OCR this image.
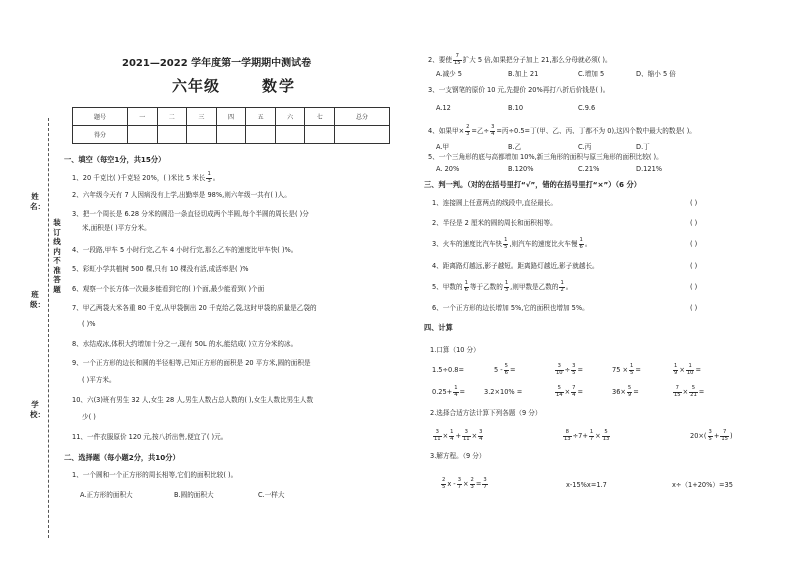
姓名：
装订线内不准答题
班级：
学校：
2021—2022 学年度第一学期期中测试卷
六年级	数学
题号	一	二	三	四	五	六	七	总分
得分								
一、填空（每空1分，共15分）
1、20 千克比( )千克轻 20%，( )米比 5 米长 $\frac{1}{3}$ 。
2、六年级今天有 7 人因病没有上学,出勤率是 98%,则六年级一共有( )人。
3、把一个周长是 6.28 分米的圆沿一条直径切成两个半圆,每个半圆的周长是( )分
米,面积是( )平方分米。
4、一段路,甲车 5 小时行完,乙车 4 小时行完,那么乙车的速度比甲车快( )%。
5、彩虹小学共植树 500 棵,只有 10 棵没有活,成活率是( )%
6、观察一个长方体一次最多能看到它的( )个面,最少能看到( )个面
7、甲乙两袋大米各重 80 千克,从甲袋倒出 20 千克给乙袋,这时甲袋的质量是乙袋的
( )%
8、水结成冰,体积大约增加十分之一,现有 50L 的水,能结成( )立方分米的冰。
9、一个正方形的边长和圆的半径相等,已知正方形的面积是 20 平方米,圆的面积是
( )平方米。
10、六(3)班有男生 32 人,女生 28 人,男生人数占总人数的( ),女生人数比男生人数
少( )
11、一件衣服原价 120 元,按八折出售,便宜了( )元。
二、选择题（每小题2分，共10分）
1、一个圆和一个正方形的周长相等,它们的面积比较( )。
A.正方形的面积大	B.圆的面积大	C.一样大
2、要使 $\frac{7}{15}$ 扩大 5 倍,如果把分子加上 21,那么分母就必须( )。
A.减少 5	B.加上 21	C.增加 5	D、缩小 5 倍
3、一支钢笔的原价 10 元,先提价 20%再打八折后价钱是( )。
A.12	B.10	C.9.6
4、如果甲× $\frac{2}{3}$ =乙÷ $\frac{3}{4}$ =丙÷0.5=丁(甲、乙、丙、丁都不为 0),这四个数中最大的数是( )。
A.甲	B.乙	C.丙	D.丁
5、一个三角形的底与高都增加 10%,新三角形的面积与原三角形的面积比较( )。
A. 20%	B.120%	C.21%	D.121%
三、判一判。（对的在括号里打“√”，错的在括号里打“×”）（6 分）
1、连接圆上任意两点的线段中,直径最长。	( )
2、半径是 2 厘米的圆的周长和面积相等。	( )
3、火车的速度比汽车快 $\frac{1}{5}$ ,则汽车的速度比火车慢 $\frac{1}{6}$ 。	( )
4、距离路灯越远,影子越短。距离路灯越近,影子就越长。	( )
5、甲数的 $\frac{1}{6}$ 等于乙数的 $\frac{1}{3}$ ,则甲数是乙数的 $\frac{1}{2}$ 。	( )
6、一个正方形的边长增加 5%,它的面积也增加 5%。	( )
四、计算
1.口算（10 分）
1.5÷0.8=	$5 - \frac{5}{6}$ =	$\frac{3}{10} \div \frac{3}{5}$ =	$75 \times \frac{1}{5}$ =	$\frac{1}{9} \times \frac{1}{10}$ =
$0.25+ \frac{1}{4}$ =	3.2×10% =	$\frac{5}{14} \times \frac{7}{4}$ =	$36\times \frac{5}{9}$ =	$\frac{7}{15} \times \frac{5}{21}$ =
2.选择合适方法计算下列各题（9 分）
$\frac{3}{11} \times \frac{1}{4} + \frac{3}{11} \times \frac{3}{4}$	$\frac{8}{13} \div 7+ \frac{1}{7} \times \frac{5}{13}$	$20\times( \frac{3}{5} + \frac{7}{15}$ )
3.解方程。（9 分）
$\frac{2}{5}$ $x - \frac{3}{7} \times \frac{2}{3} = \frac{3}{7}$	x-15%x=1.7	x÷（1+20%）=35
